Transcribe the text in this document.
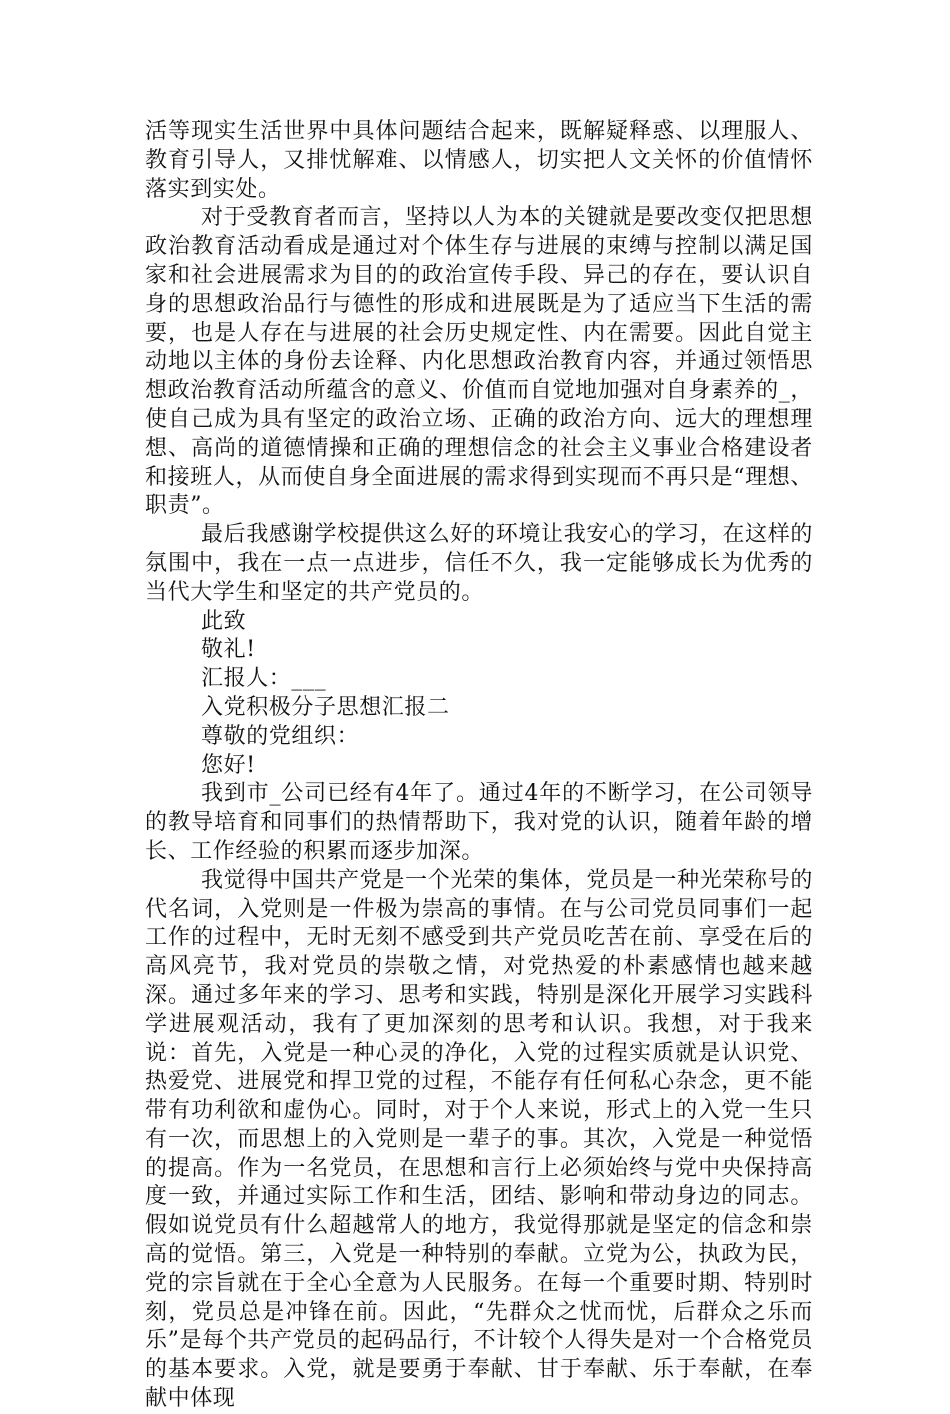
活等现实生活世界中具体问题结合起来，既解疑释惑、以理服人、教育引导人，又排忧解难、以情感人，切实把人文关怀的价值情怀落实到实处。

对于受教育者而言，坚持以人为本的关键就是要改变仅把思想政治教育活动看成是通过对个体生存与进展的束缚与控制以满足国家和社会进展需求为目的的政治宣传手段、异己的存在，要认识自身的思想政治品行与德性的形成和进展既是为了适应当下生活的需要，也是人存在与进展的社会历史规定性、内在需要。因此自觉主动地以主体的身份去诠释、内化思想政治教育内容，并通过领悟思想政治教育活动所蕴含的意义、价值而自觉地加强对自身素养的_，使自己成为具有坚定的政治立场、正确的政治方向、远大的理想理想、高尚的道德情操和正确的理想信念的社会主义事业合格建设者和接班人，从而使自身全面进展的需求得到实现而不再只是“理想、职责”。

最后我感谢学校提供这么好的环境让我安心的学习，在这样的氛围中，我在一点一点进步，信任不久，我一定能够成长为优秀的当代大学生和坚定的共产党员的。

此致

敬礼!

汇报人：___

入党积极分子思想汇报二

尊敬的党组织：

您好!

我到市_公司已经有4年了。通过4年的不断学习，在公司领导的教导培育和同事们的热情帮助下，我对党的认识，随着年龄的增长、工作经验的积累而逐步加深。

我觉得中国共产党是一个光荣的集体，党员是一种光荣称号的代名词，入党则是一件极为崇高的事情。在与公司党员同事们一起工作的过程中，无时无刻不感受到共产党员吃苦在前、享受在后的高风亮节，我对党员的崇敬之情，对党热爱的朴素感情也越来越深。通过多年来的学习、思考和实践，特别是深化开展学习实践科学进展观活动，我有了更加深刻的思考和认识。我想，对于我来说：首先，入党是一种心灵的净化，入党的过程实质就是认识党、热爱党、进展党和捍卫党的过程，不能存有任何私心杂念，更不能带有功利欲和虚伪心。同时，对于个人来说，形式上的入党一生只有一次，而思想上的入党则是一辈子的事。其次，入党是一种觉悟的提高。作为一名党员，在思想和言行上必须始终与党中央保持高度一致，并通过实际工作和生活，团结、影响和带动身边的同志。假如说党员有什么超越常人的地方，我觉得那就是坚定的信念和崇高的觉悟。第三，入党是一种特别的奉献。立党为公，执政为民，党的宗旨就在于全心全意为人民服务。在每一个重要时期、特别时刻，党员总是冲锋在前。因此，“先群众之忧而忧，后群众之乐而乐”是每个共产党员的起码品行，不计较个人得失是对一个合格党员的基本要求。入党，就是要勇于奉献、甘于奉献、乐于奉献，在奉献中体现
